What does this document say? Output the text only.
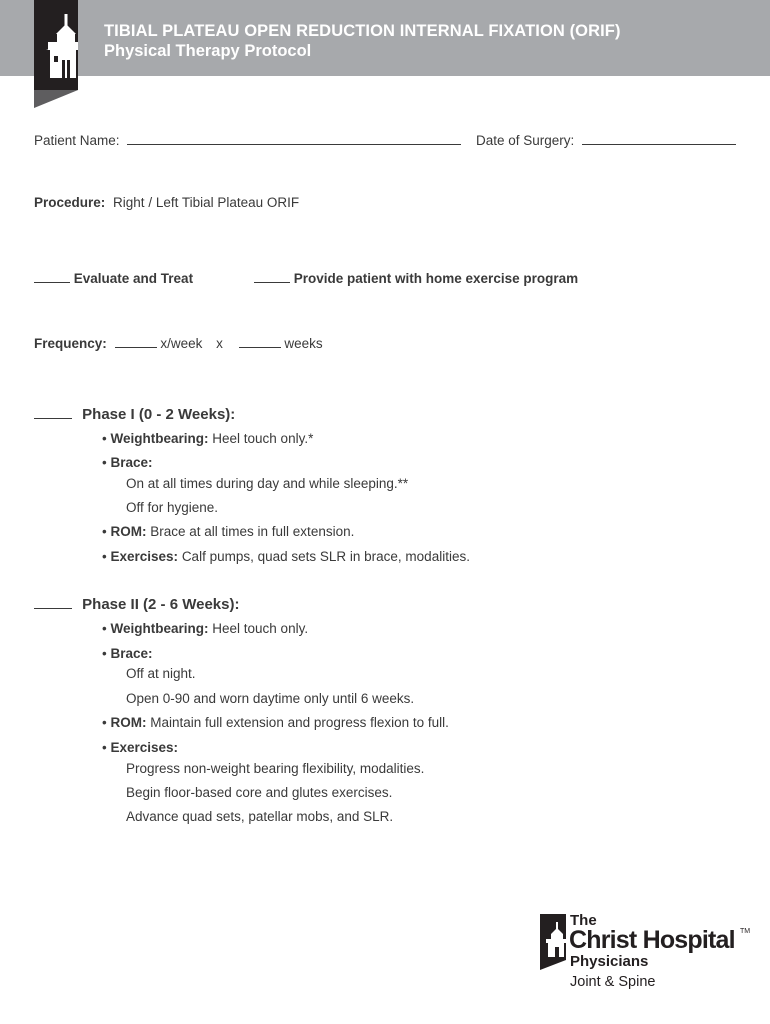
TIBIAL PLATEAU OPEN REDUCTION INTERNAL FIXATION (ORIF)
Physical Therapy Protocol
Patient Name:	Date of Surgery:
Procedure: Right / Left Tibial Plateau ORIF
Evaluate and Treat	Provide patient with home exercise program
Frequency:	x/week x	weeks
Phase I (0 - 2 Weeks):
• Weightbearing: Heel touch only.*
• Brace:
On at all times during day and while sleeping.**
Off for hygiene.
• ROM: Brace at all times in full extension.
• Exercises: Calf pumps, quad sets SLR in brace, modalities.
Phase II (2 - 6 Weeks):
• Weightbearing: Heel touch only.
• Brace:
Off at night.
Open 0-90 and worn daytime only until 6 weeks.
• ROM: Maintain full extension and progress flexion to full.
• Exercises:
Progress non-weight bearing flexibility, modalities.
Begin floor-based core and glutes exercises.
Advance quad sets, patellar mobs, and SLR.
The
Christ Hospital TM
Physicians
Joint & Spine
